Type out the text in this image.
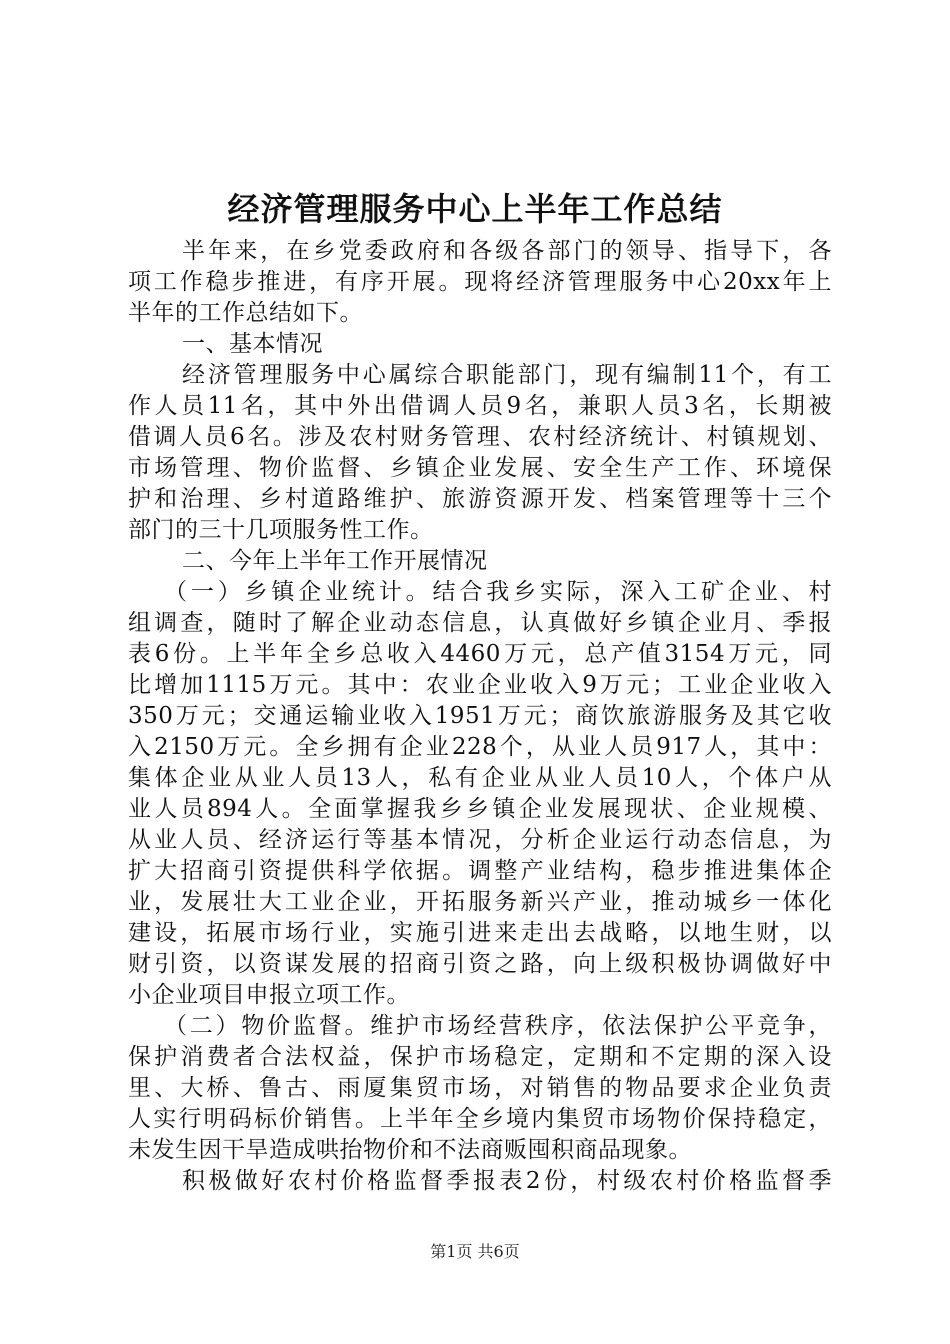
经济管理服务中心上半年工作总结
半年来，在乡党委政府和各级各部门的领导、指导下，各
项工作稳步推进，有序开展。现将经济管理服务中心20xx年上
半年的工作总结如下。
一、基本情况
经济管理服务中心属综合职能部门，现有编制11个，有工
作人员11名，其中外出借调人员9名，兼职人员3名，长期被
借调人员6名。涉及农村财务管理、农村经济统计、村镇规划、
市场管理、物价监督、乡镇企业发展、安全生产工作、环境保
护和治理、乡村道路维护、旅游资源开发、档案管理等十三个
部门的三十几项服务性工作。
二、今年上半年工作开展情况
（一）乡镇企业统计。结合我乡实际，深入工矿企业、村
组调查，随时了解企业动态信息，认真做好乡镇企业月、季报
表6份。上半年全乡总收入4460万元，总产值3154万元，同
比增加1115万元。其中：农业企业收入9万元；工业企业收入
350万元；交通运输业收入1951万元；商饮旅游服务及其它收
入2150万元。全乡拥有企业228个，从业人员917人，其中：
集体企业从业人员13人，私有企业从业人员10人，个体户从
业人员894人。全面掌握我乡乡镇企业发展现状、企业规模、
从业人员、经济运行等基本情况，分析企业运行动态信息，为
扩大招商引资提供科学依据。调整产业结构，稳步推进集体企
业，发展壮大工业企业，开拓服务新兴产业，推动城乡一体化
建设，拓展市场行业，实施引进来走出去战略，以地生财，以
财引资，以资谋发展的招商引资之路，向上级积极协调做好中
小企业项目申报立项工作。
（二）物价监督。维护市场经营秩序，依法保护公平竞争，
保护消费者合法权益，保护市场稳定，定期和不定期的深入设
里、大桥、鲁古、雨厦集贸市场，对销售的物品要求企业负责
人实行明码标价销售。上半年全乡境内集贸市场物价保持稳定，
未发生因干旱造成哄抬物价和不法商贩囤积商品现象。
积极做好农村价格监督季报表2份，村级农村价格监督季
第1页 共6页
